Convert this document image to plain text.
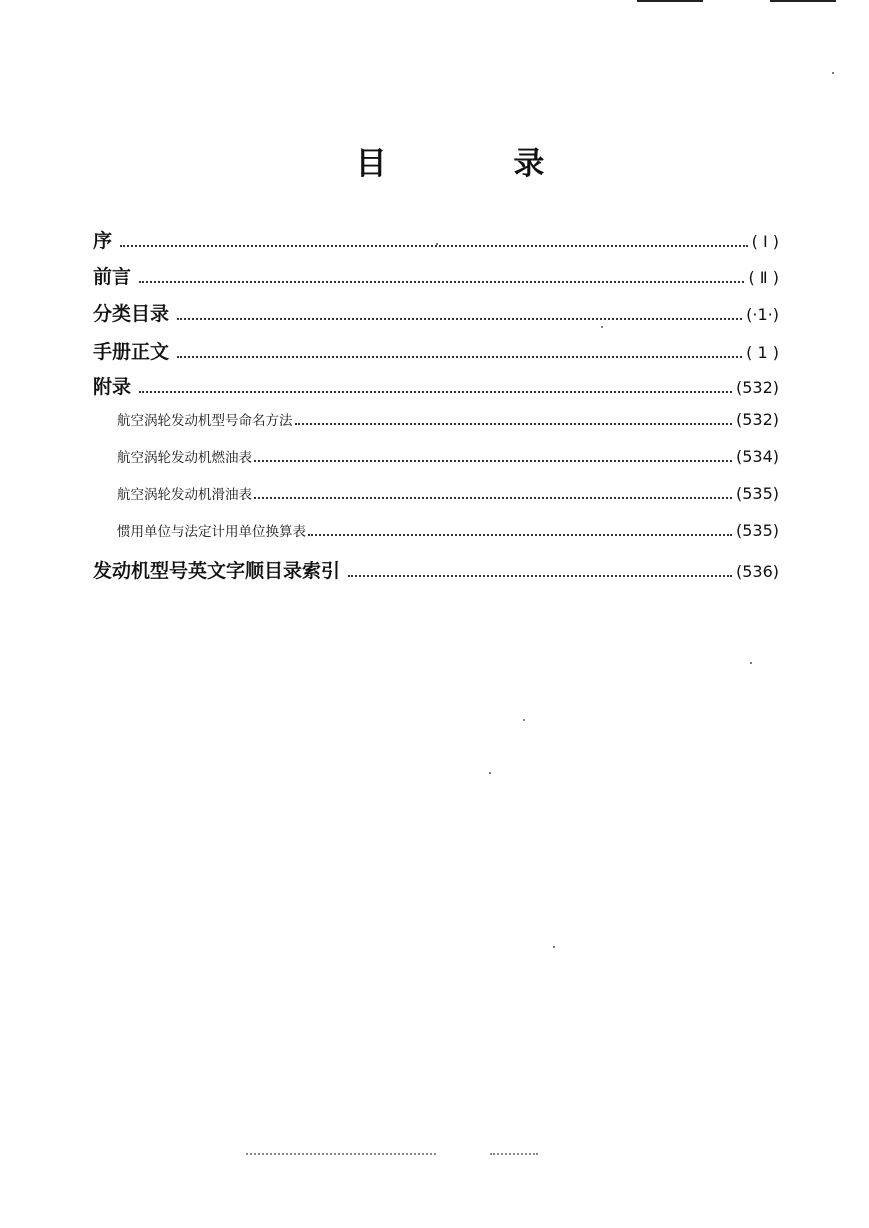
目 录
序	( I )
前言	( Ⅱ )
分类目录	(·1·)
手册正文	( 1 )
附录	(532)
航空涡轮发动机型号命名方法	(532)
航空涡轮发动机燃油表	(534)
航空涡轮发动机滑油表	(535)
惯用单位与法定计用单位换算表	(535)
发动机型号英文字顺目录索引	(536)
